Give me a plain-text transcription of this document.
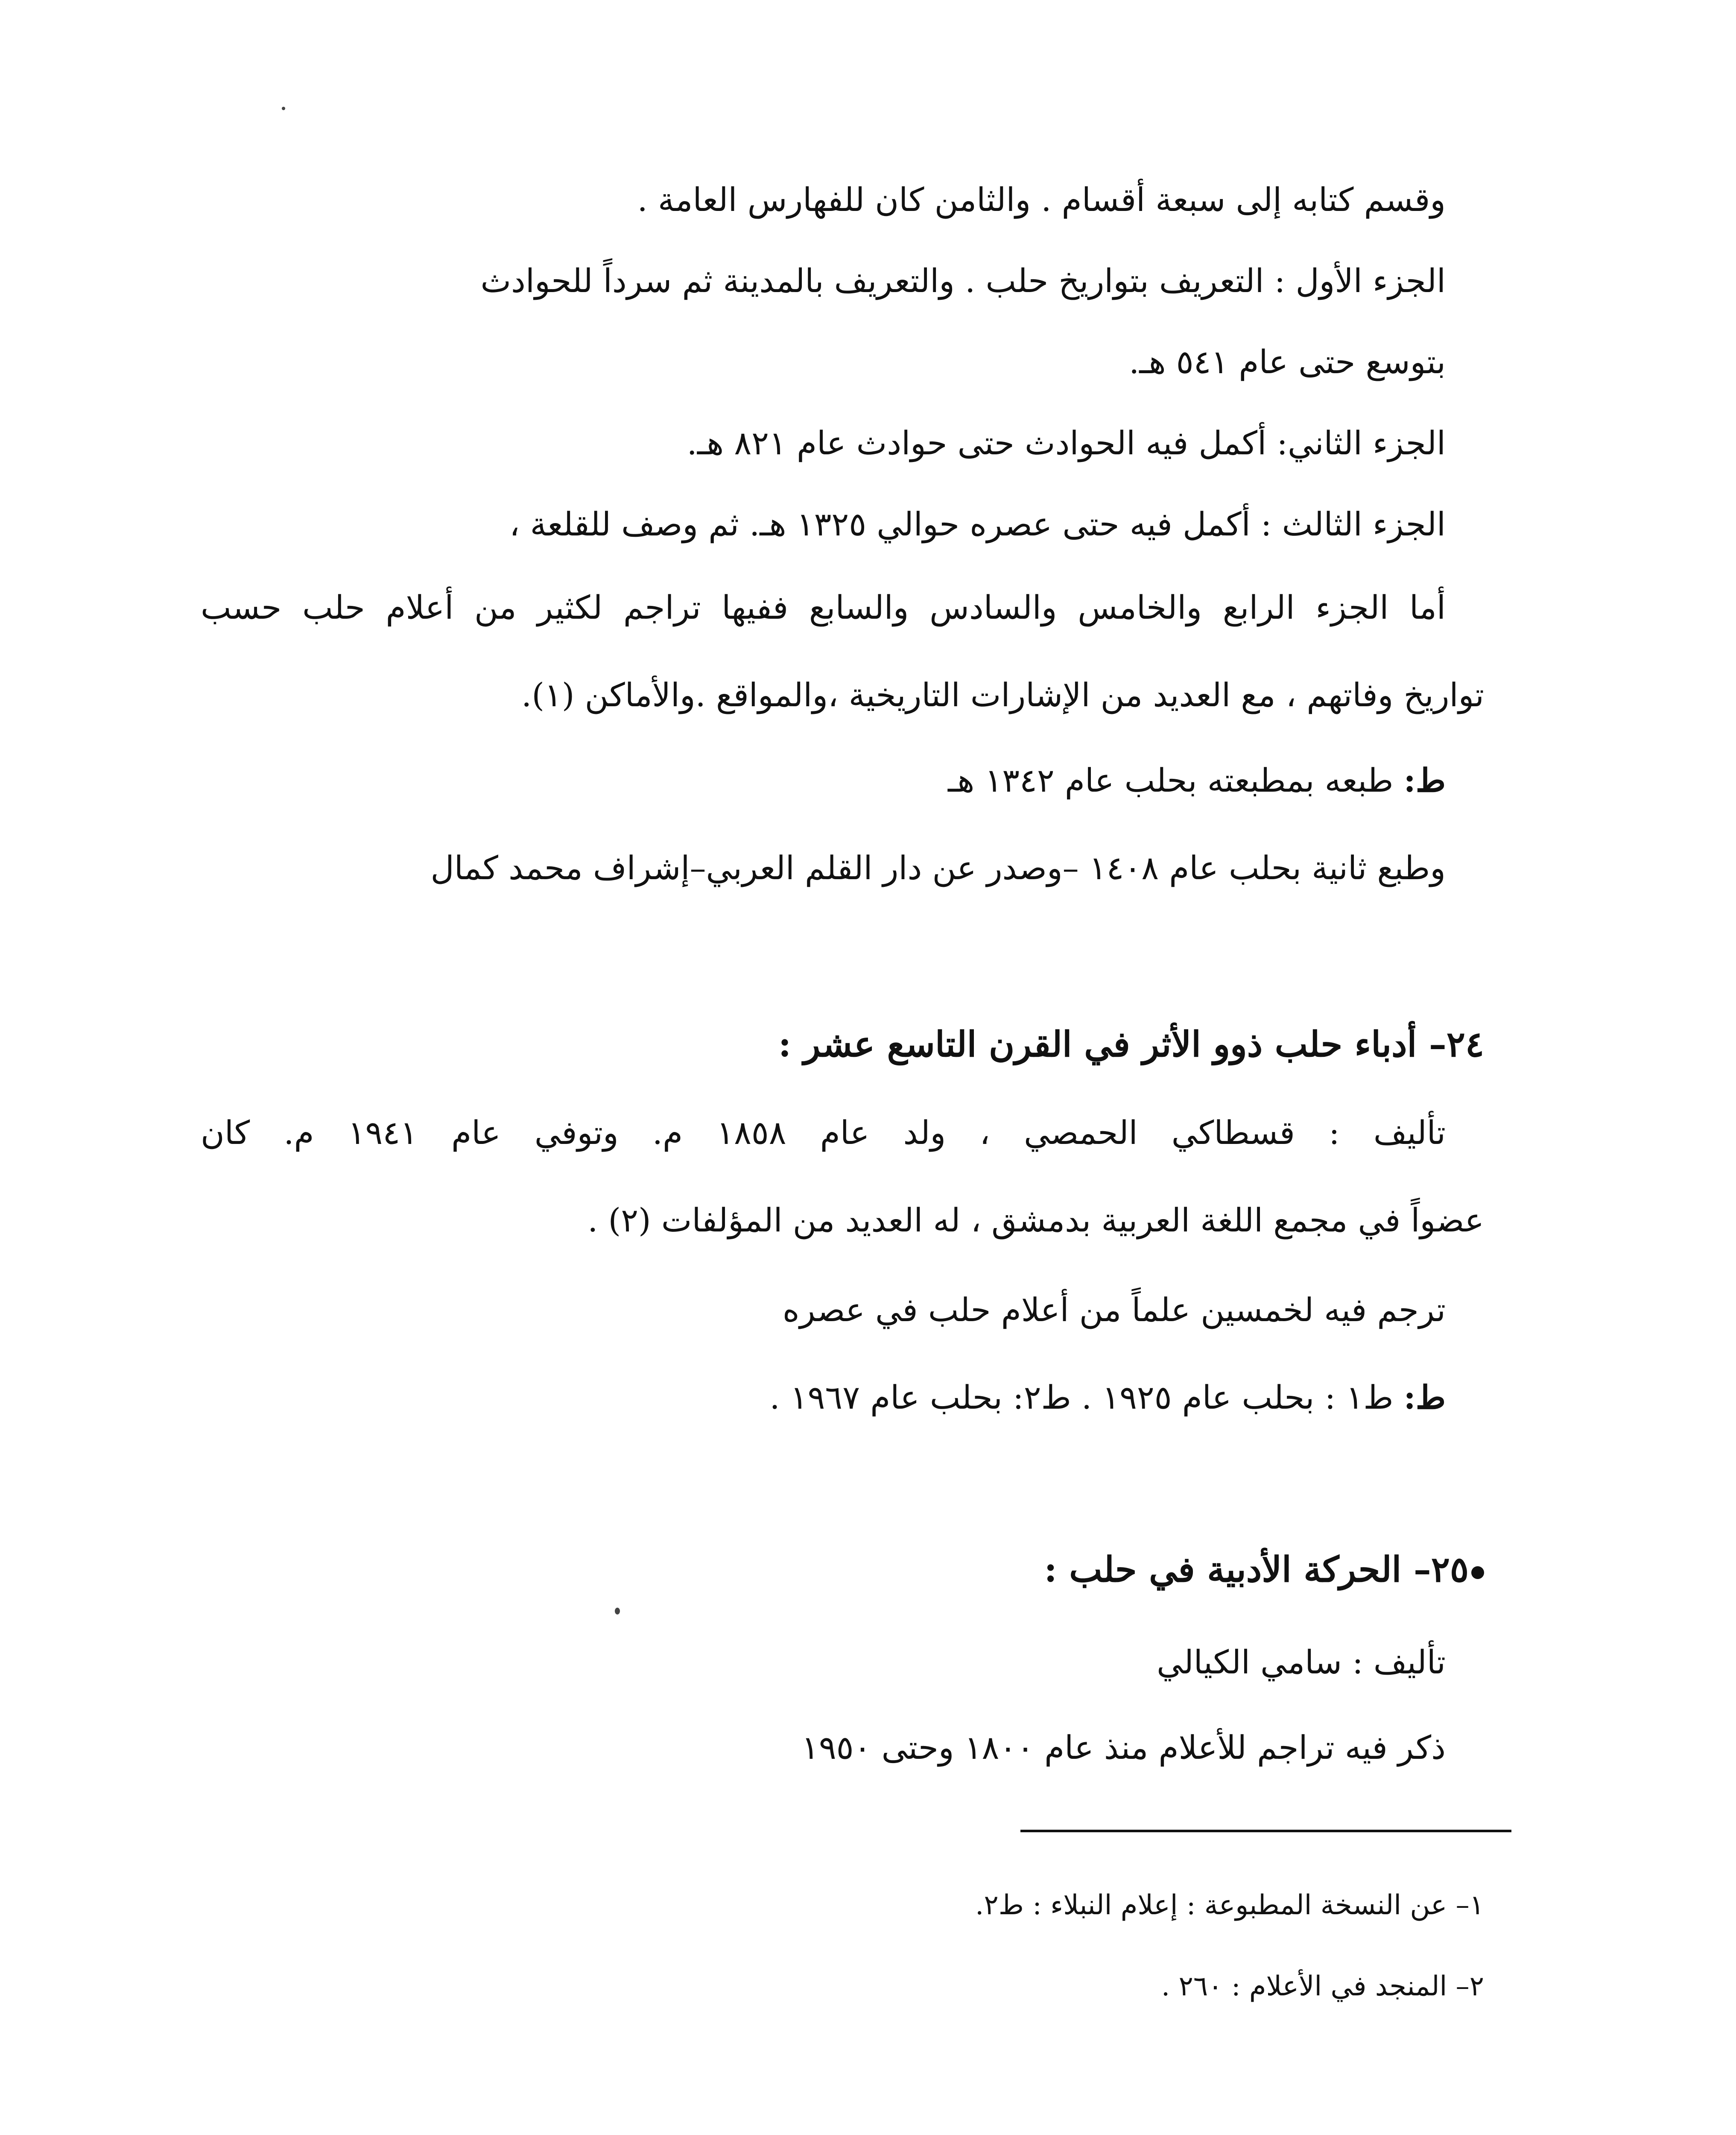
وقسم كتابه إلى سبعة أقسام . والثامن كان للفهارس العامة .
الجزء الأول : التعريف بتواريخ حلب . والتعريف بالمدينة ثم سرداً للحوادث
بتوسع حتى عام ٥٤١ هـ.
الجزء الثاني: أكمل فيه الحوادث حتى حوادث عام ٨٢١ هـ.
الجزء الثالث : أكمل فيه حتى عصره حوالي ١٣٢٥ هـ. ثم وصف للقلعة ،
أما الجزء الرابع والخامس والسادس والسابع ففيها تراجم لكثير من أعلام حلب حسب
تواريخ وفاتهم ، مع العديد من الإشارات التاريخية ،والمواقع .والأماكن (١).
ط: طبعه بمطبعته بحلب عام ١٣٤٢ هـ
وطبع ثانية بحلب عام ١٤٠٨ –وصدر عن دار القلم العربي–إشراف محمد كمال
٢٤– أدباء حلب ذوو الأثر في القرن التاسع عشر :
تأليف : قسطاكي الحمصي ، ولد عام ١٨٥٨ م. وتوفي عام ١٩٤١ م. كان
عضواً في مجمع اللغة العربية بدمشق ، له العديد من المؤلفات (٢) .
ترجم فيه لخمسين علماً من أعلام حلب في عصره
ط: ط١ : بحلب عام ١٩٢٥ . ط٢: بحلب عام ١٩٦٧ .
٢٥– الحركة الأدبية في حلب :
تأليف : سامي الكيالي
ذكر فيه تراجم للأعلام منذ عام ١٨٠٠ وحتى ١٩٥٠
١– عن النسخة المطبوعة : إعلام النبلاء : ط٢.
٢– المنجد في الأعلام : ٢٦٠ .
